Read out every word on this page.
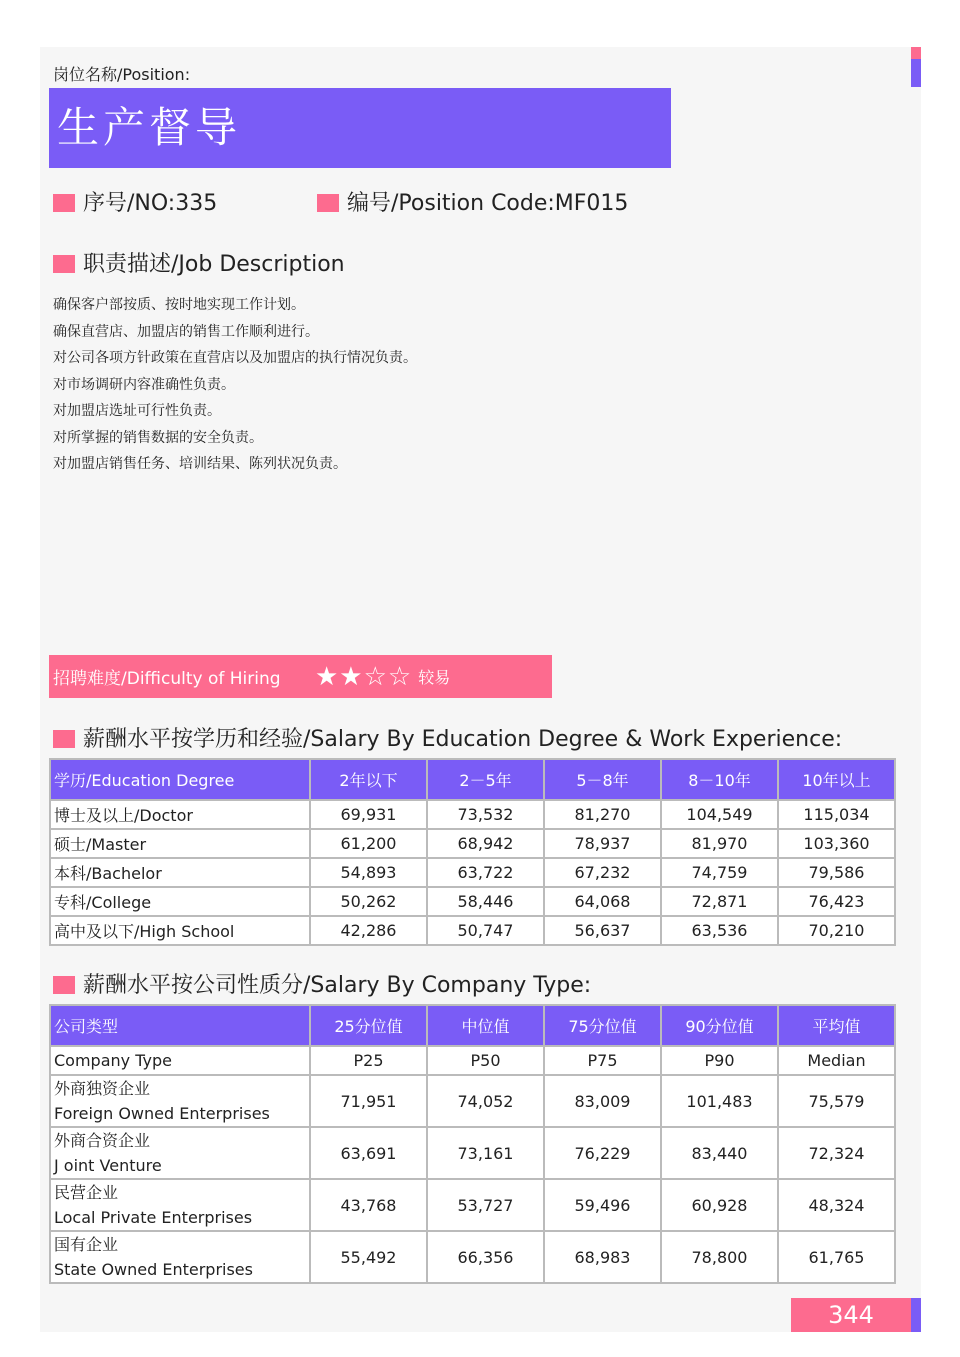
岗位名称/Position:
生产督导
序号/NO:335	编号/Position Code:MF015
职责描述/Job Description
确保客户部按质、按时地实现工作计划。
确保直营店、加盟店的销售工作顺利进行。
对公司各项方针政策在直营店以及加盟店的执行情况负责。
对市场调研内容准确性负责。
对加盟店选址可行性负责。
对所掌握的销售数据的安全负责。
对加盟店销售任务、培训结果、陈列状况负责。
招聘难度/Difficulty of Hiring	★★☆☆ 较易
薪酬水平按学历和经验/Salary By Education Degree & Work Experience:
学历/Education Degree	2年以下	2－5年	5－8年	8－10年	10年以上
博士及以上/Doctor	69,931	73,532	81,270	104,549	115,034
硕士/Master	61,200	68,942	78,937	81,970	103,360
本科/Bachelor	54,893	63,722	67,232	74,759	79,586
专科/College	50,262	58,446	64,068	72,871	76,423
高中及以下/High School	42,286	50,747	56,637	63,536	70,210
薪酬水平按公司性质分/Salary By Company Type:
公司类型	25分位值	中位值	75分位值	90分位值	平均值
Company Type	P25	P50	P75	P90	Median

外商独资企业
Foreign Owned Enterprises	71,951	74,052	83,009	101,483	75,579

外商合资企业
J oint Venture	63,691	73,161	76,229	83,440	72,324

民营企业
Local Private Enterprises	43,768	53,727	59,496	60,928	48,324

国有企业
State Owned Enterprises	55,492	66,356	68,983	78,800	61,765
344
